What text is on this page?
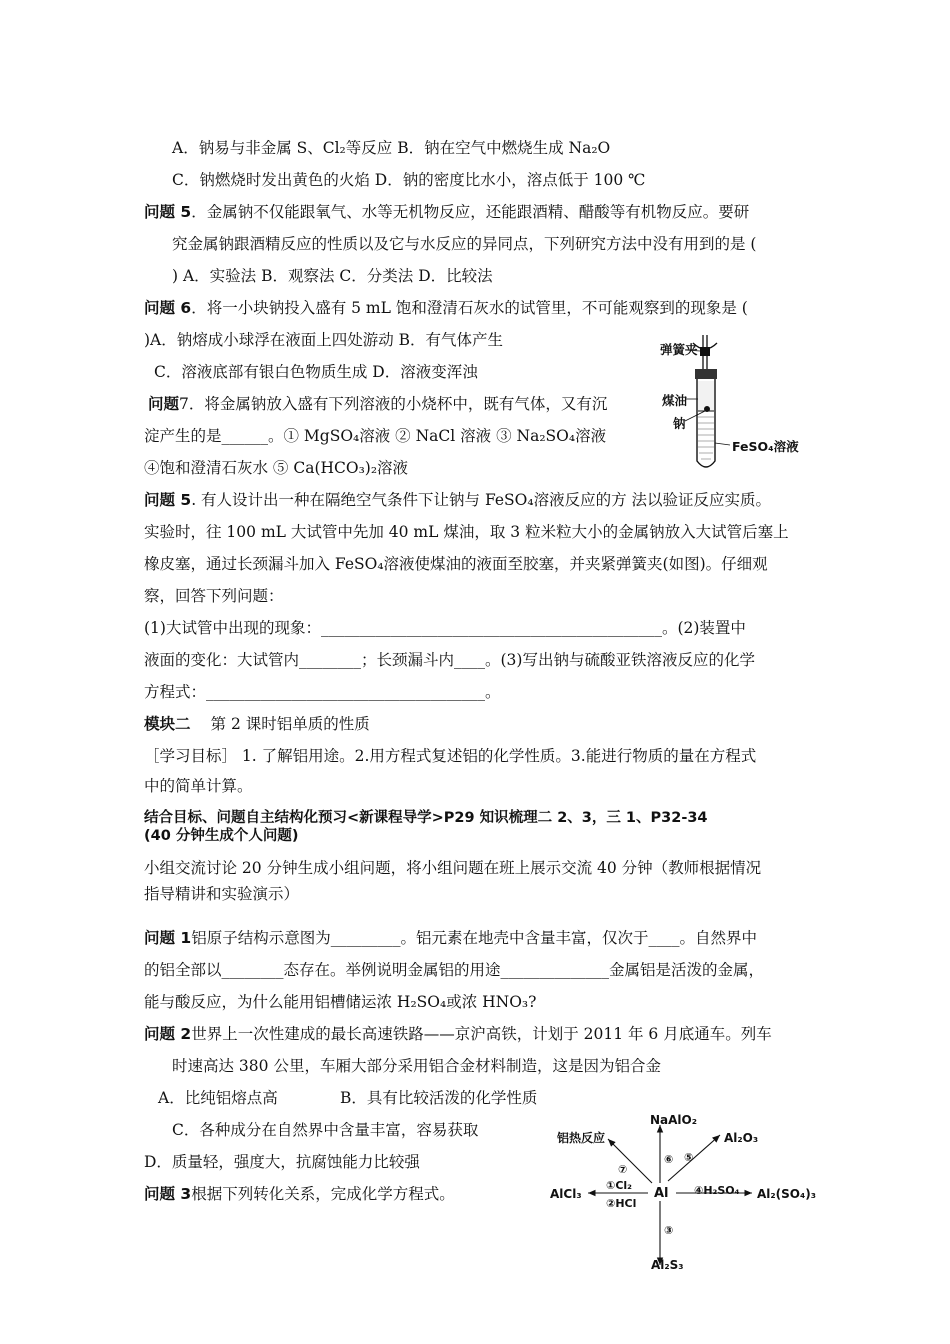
A．钠易与非金属 S、Cl₂等反应 B．钠在空气中燃烧生成 Na₂O
C．钠燃烧时发出黄色的火焰 D．钠的密度比水小，溶点低于 100 ℃
问题 5．金属钠不仅能跟氧气、水等无机物反应，还能跟酒精、醋酸等有机物反应。要研
究金属钠跟酒精反应的性质以及它与水反应的异同点，下列研究方法中没有用到的是 (
) A．实验法 B．观察法 C．分类法 D．比较法
问题 6．将一小块钠投入盛有 5 mL 饱和澄清石灰水的试管里，不可能观察到的现象是 (
)A．钠熔成小球浮在液面上四处游动 B．有气体产生
C．溶液底部有银白色物质生成 D．溶液变浑浊
问题7．将金属钠放入盛有下列溶液的小烧杯中，既有气体，又有沉
淀产生的是______。① MgSO₄溶液 ② NaCl 溶液 ③ Na₂SO₄溶液
④饱和澄清石灰水 ⑤ Ca(HCO₃)₂溶液
弹簧夹
煤油
钠
FeSO₄溶液
问题 5. 有人设计出一种在隔绝空气条件下让钠与 FeSO₄溶液反应的方 法以验证反应实质。
实验时，往 100 mL 大试管中先加 40 mL 煤油，取 3 粒米粒大小的金属钠放入大试管后塞上
橡皮塞，通过长颈漏斗加入 FeSO₄溶液使煤油的液面至胶塞，并夹紧弹簧夹(如图)。仔细观
察，回答下列问题：
(1)大试管中出现的现象：____________________________________________。(2)装置中
液面的变化：大试管内________；长颈漏斗内____。(3)写出钠与硫酸亚铁溶液反应的化学
方程式：____________________________________。
模块二 第 2 课时铝单质的性质
［学习目标］ 1. 了解铝用途。2.用方程式复述铝的化学性质。3.能进行物质的量在方程式
中的简单计算。
结合目标、问题自主结构化预习<新课程导学>P29 知识梳理二 2、3，三 1、P32-34
(40 分钟生成个人问题)
小组交流讨论 20 分钟生成小组问题，将小组问题在班上展示交流 40 分钟（教师根据情况
指导精讲和实验演示）
问题 1铝原子结构示意图为_________。铝元素在地壳中含量丰富，仅次于____。自然界中
的铝全部以________态存在。举例说明金属铝的用途______________金属铝是活泼的金属，
能与酸反应，为什么能用铝槽储运浓 H₂SO₄或浓 HNO₃?
问题 2世界上一次性建成的最长高速铁路——京沪高铁，计划于 2011 年 6 月底通车。列车
时速高达 380 公里，车厢大部分采用铝合金材料制造，这是因为铝合金
A．比纯铝熔点高	B．具有比较活泼的化学性质
C．各种成分在自然界中含量丰富，容易获取
D．质量轻，强度大，抗腐蚀能力比较强
问题 3根据下列转化关系，完成化学方程式。
NaAlO₂
Al₂O₃
铝热反应
Al
AlCl₃	Al₂(SO₄)₃
Al₂S₃
①Cl₂
②HCl
④H₂SO₄
③
⑤
⑥
⑦
